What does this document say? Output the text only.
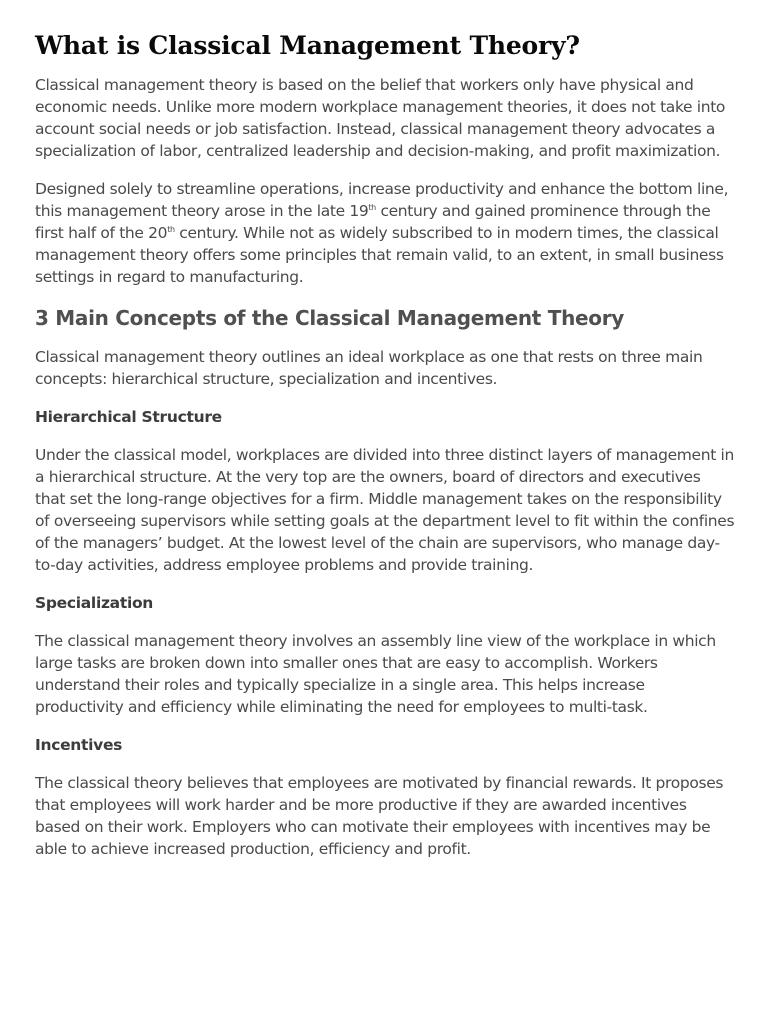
What is Classical Management Theory?

Classical management theory is based on the belief that workers only have physical and economic needs. Unlike more modern workplace management theories, it does not take into account social needs or job satisfaction. Instead, classical management theory advocates a specialization of labor, centralized leadership and decision-making, and profit maximization.

Designed solely to streamline operations, increase productivity and enhance the bottom line, this management theory arose in the late 19th century and gained prominence through the first half of the 20th century. While not as widely subscribed to in modern times, the classical management theory offers some principles that remain valid, to an extent, in small business settings in regard to manufacturing.

3 Main Concepts of the Classical Management Theory

Classical management theory outlines an ideal workplace as one that rests on three main concepts: hierarchical structure, specialization and incentives.

Hierarchical Structure

Under the classical model, workplaces are divided into three distinct layers of management in a hierarchical structure. At the very top are the owners, board of directors and executives that set the long-range objectives for a firm. Middle management takes on the responsibility of overseeing supervisors while setting goals at the department level to fit within the confines of the managers’ budget. At the lowest level of the chain are supervisors, who manage day-to-day activities, address employee problems and provide training.

Specialization

The classical management theory involves an assembly line view of the workplace in which large tasks are broken down into smaller ones that are easy to accomplish. Workers understand their roles and typically specialize in a single area. This helps increase productivity and efficiency while eliminating the need for employees to multi-task.

Incentives

The classical theory believes that employees are motivated by financial rewards. It proposes that employees will work harder and be more productive if they are awarded incentives based on their work. Employers who can motivate their employees with incentives may be able to achieve increased production, efficiency and profit.
